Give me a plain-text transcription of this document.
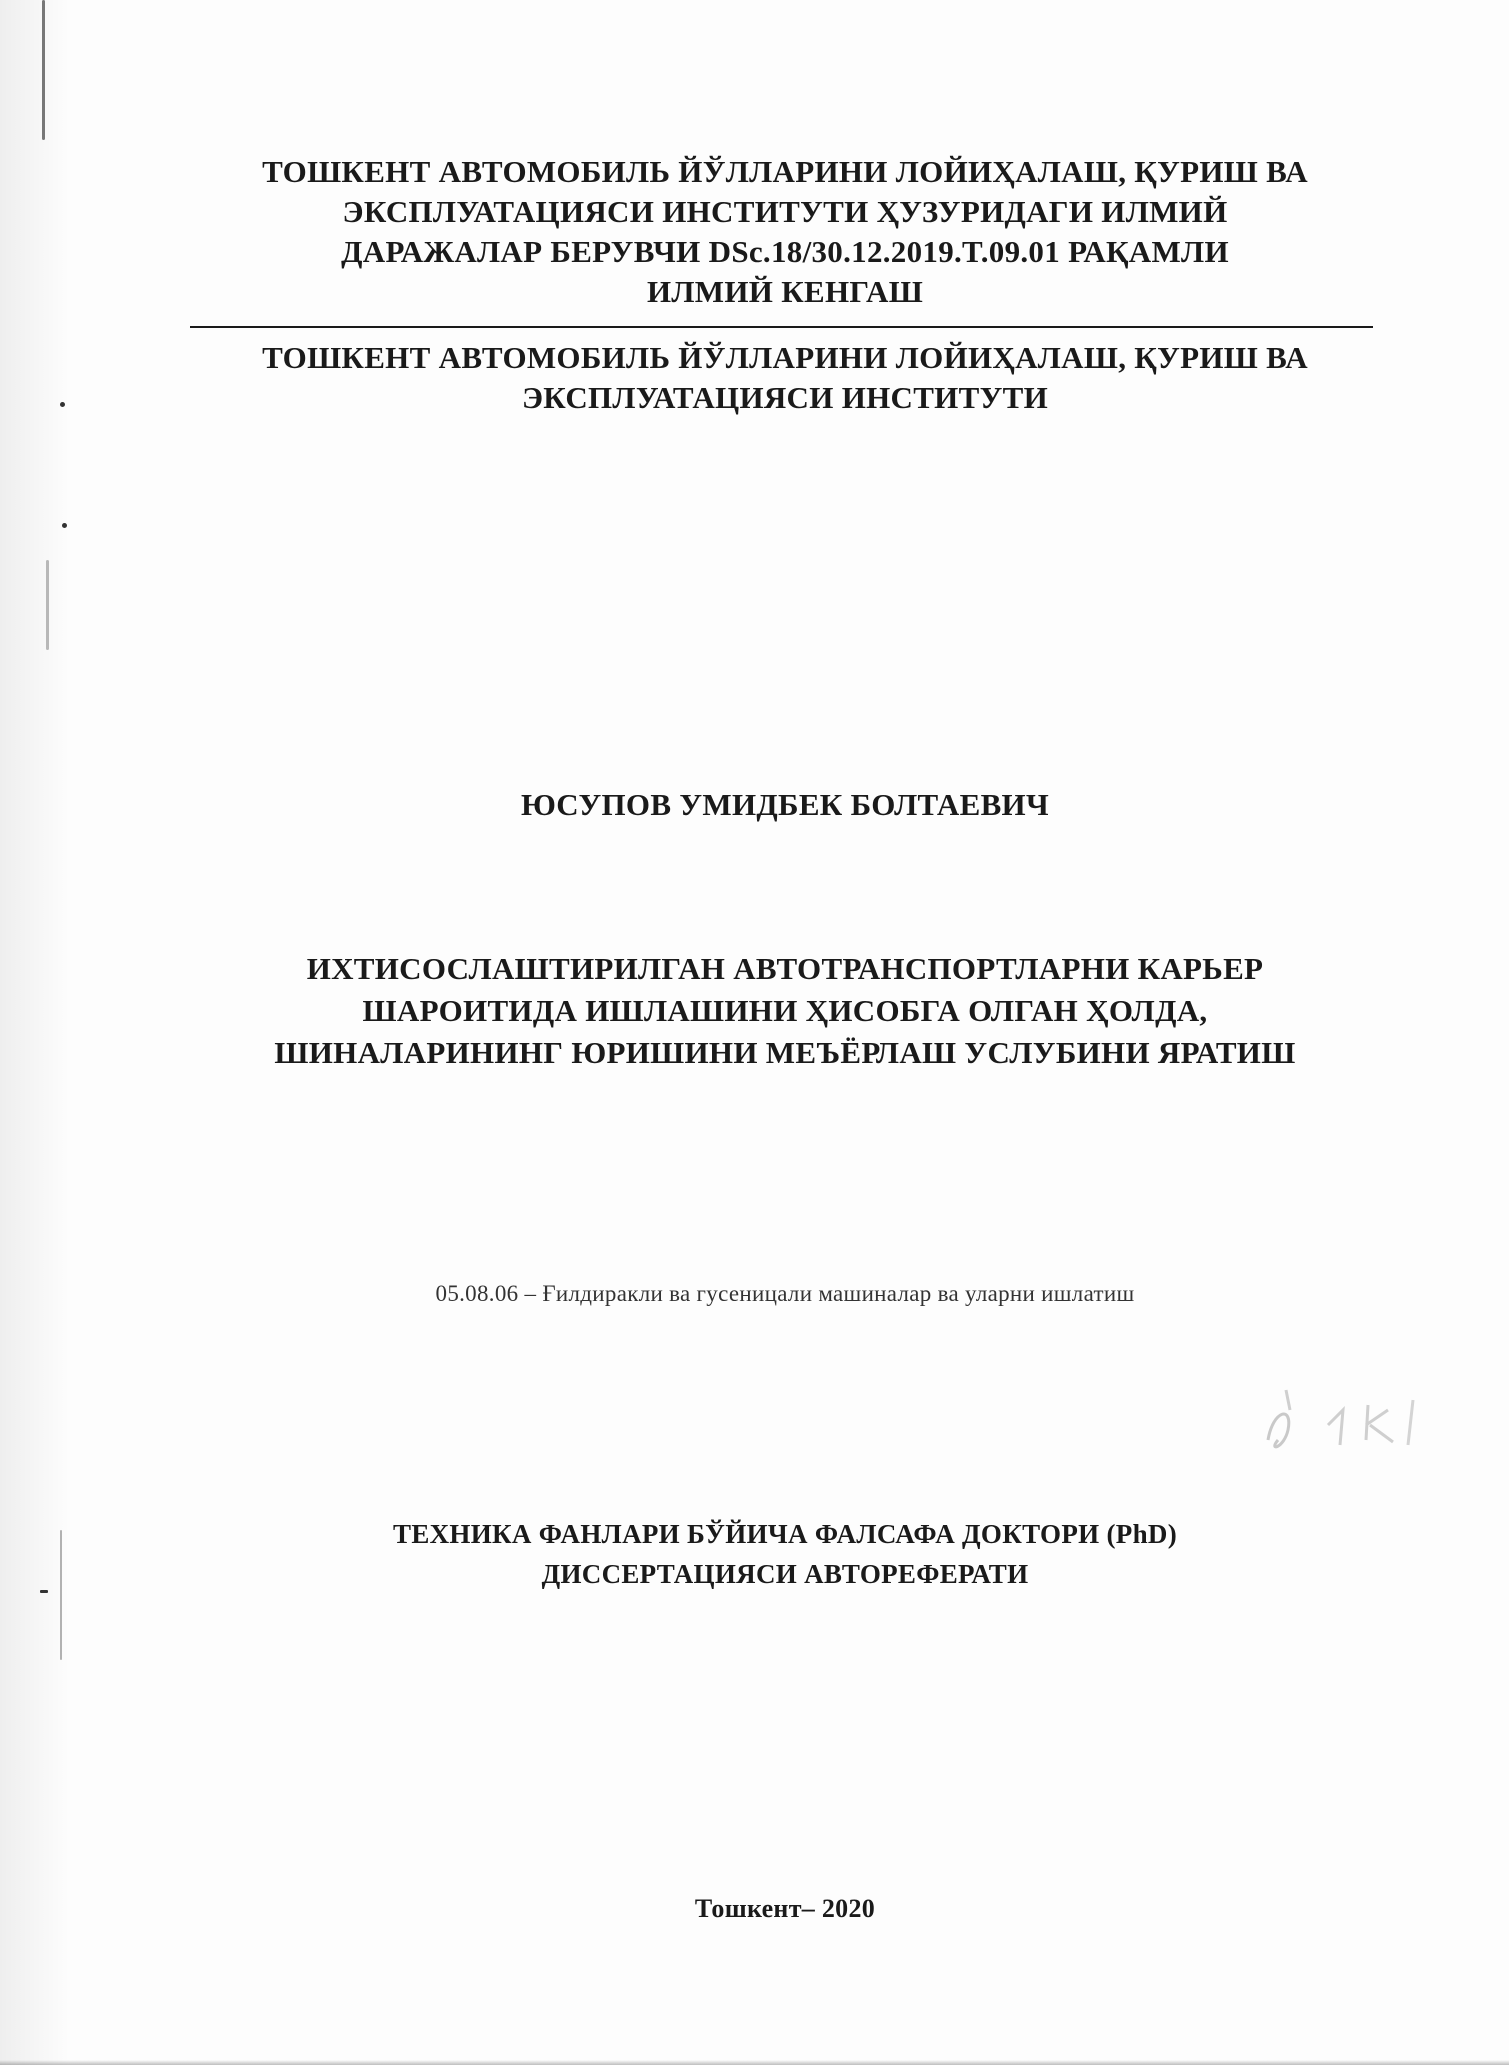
ТОШКЕНТ АВТОМОБИЛЬ ЙЎЛЛАРИНИ ЛОЙИҲАЛАШ, ҚУРИШ ВА
ЭКСПЛУАТАЦИЯСИ ИНСТИТУТИ ҲУЗУРИДАГИ ИЛМИЙ
ДАРАЖАЛАР БЕРУВЧИ DSc.18/30.12.2019.T.09.01 РАҚАМЛИ
ИЛМИЙ КЕНГАШ
ТОШКЕНТ АВТОМОБИЛЬ ЙЎЛЛАРИНИ ЛОЙИҲАЛАШ, ҚУРИШ ВА
ЭКСПЛУАТАЦИЯСИ ИНСТИТУТИ
ЮСУПОВ УМИДБЕК БОЛТАЕВИЧ
ИХТИСОСЛАШТИРИЛГАН АВТОТРАНСПОРТЛАРНИ КАРЬЕР
ШАРОИТИДА ИШЛАШИНИ ҲИСОБГА ОЛГАН ҲОЛДА,
ШИНАЛАРИНИНГ ЮРИШИНИ МЕЪЁРЛАШ УСЛУБИНИ ЯРАТИШ
05.08.06 – Ғилдиракли ва гусеницали машиналар ва уларни ишлатиш
ТЕХНИКА ФАНЛАРИ БЎЙИЧА ФАЛСАФА ДОКТОРИ (PhD)
ДИССЕРТАЦИЯСИ АВТОРЕФЕРАТИ
Тошкент– 2020
